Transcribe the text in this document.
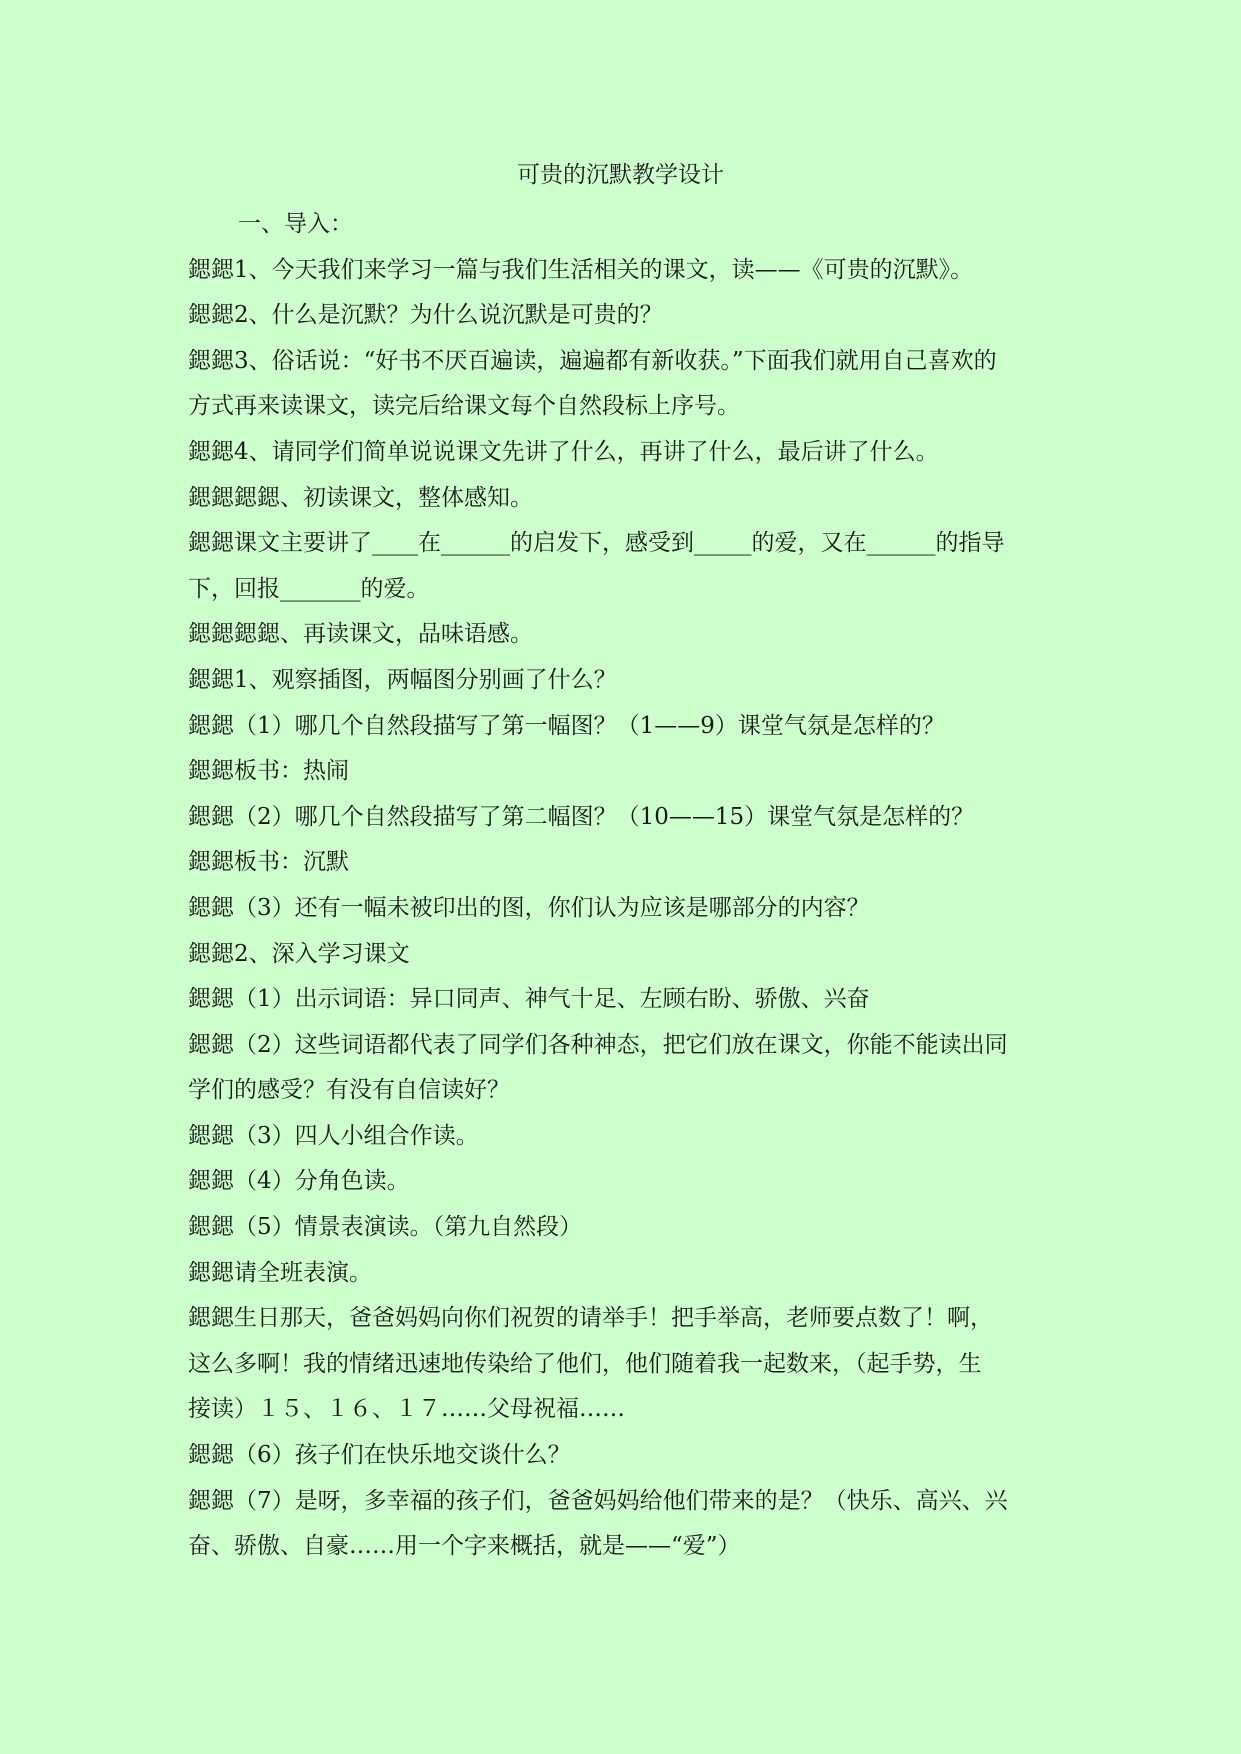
可贵的沉默教学设计
一、导入：
鍶鍶1、今天我们来学习一篇与我们生活相关的课文，读——《可贵的沉默》。
鍶鍶2、什么是沉默？为什么说沉默是可贵的？
鍶鍶3、俗话说：“好书不厌百遍读，遍遍都有新收获。”下面我们就用自己喜欢的
方式再来读课文，读完后给课文每个自然段标上序号。
鍶鍶4、请同学们简单说说课文先讲了什么，再讲了什么，最后讲了什么。
鍶鍶鍶鍶、初读课文，整体感知。
鍶鍶课文主要讲了____在______的启发下，感受到_____的爱，又在______的指导
下，回报_______的爱。
鍶鍶鍶鍶、再读课文，品味语感。
鍶鍶1、观察插图，两幅图分别画了什么？
鍶鍶（1）哪几个自然段描写了第一幅图？（1——9）课堂气氛是怎样的？
鍶鍶板书：热闹
鍶鍶（2）哪几个自然段描写了第二幅图？（10——15）课堂气氛是怎样的？
鍶鍶板书：沉默
鍶鍶（3）还有一幅未被印出的图，你们认为应该是哪部分的内容？
鍶鍶2、深入学习课文
鍶鍶（1）出示词语：异口同声、神气十足、左顾右盼、骄傲、兴奋
鍶鍶（2）这些词语都代表了同学们各种神态，把它们放在课文，你能不能读出同
学们的感受？有没有自信读好？
鍶鍶（3）四人小组合作读。
鍶鍶（4）分角色读。
鍶鍶（5）情景表演读。（第九自然段）
鍶鍶请全班表演。
鍶鍶生日那天，爸爸妈妈向你们祝贺的请举手！把手举高，老师要点数了！啊，
这么多啊！我的情绪迅速地传染给了他们，他们随着我一起数来，（起手势，生
接读）１５、１６、１７……父母祝福……
鍶鍶（6）孩子们在快乐地交谈什么？
鍶鍶（7）是呀，多幸福的孩子们，爸爸妈妈给他们带来的是？（快乐、高兴、兴
奋、骄傲、自豪……用一个字来概括，就是——“爱”）
